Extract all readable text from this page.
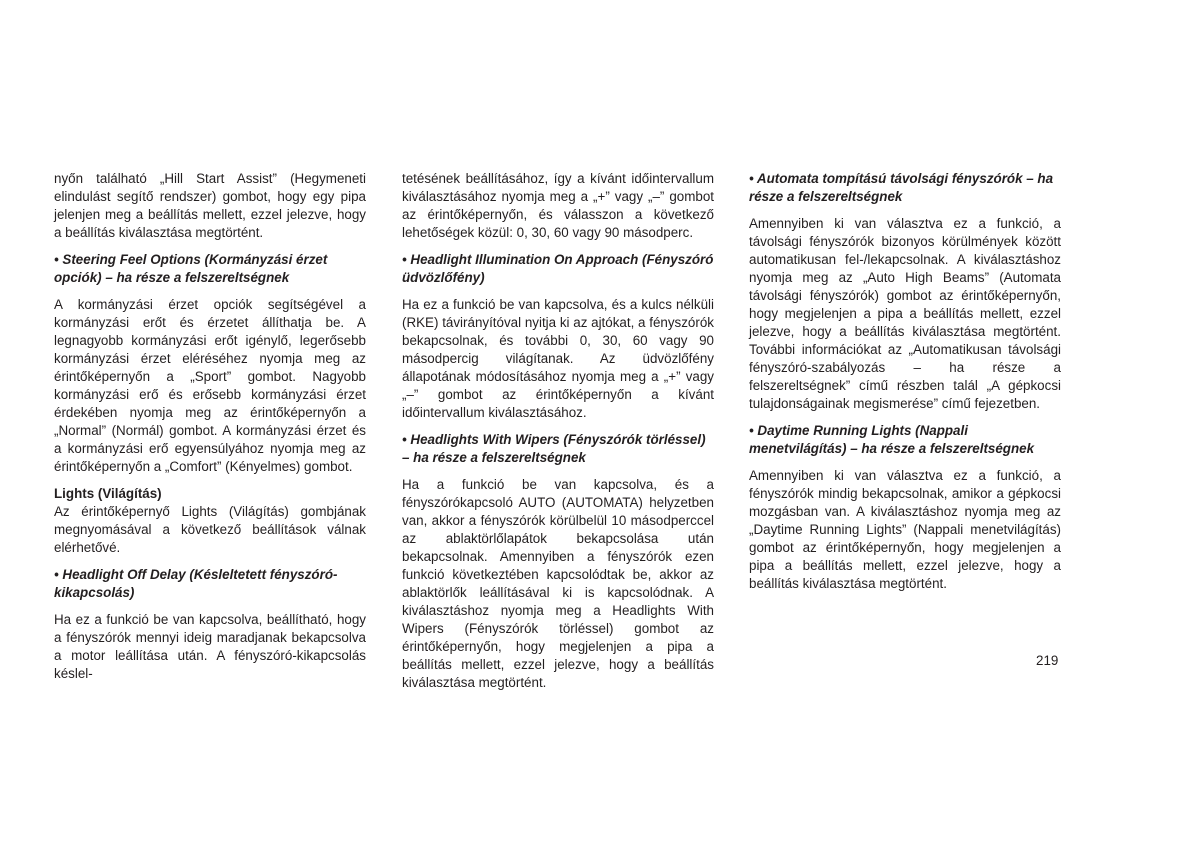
nyőn található „Hill Start Assist” (Hegymeneti elindulást segítő rendszer) gombot, hogy egy pipa jelenjen meg a beállítás mellett, ezzel jelezve, hogy a beállítás kiválasztása megtörtént.

• Steering Feel Options (Kormányzási érzet opciók) – ha része a felszereltségnek

A kormányzási érzet opciók segítségével a kormányzási erőt és érzetet állíthatja be. A legnagyobb kormányzási erőt igénylő, legerősebb kormányzási érzet eléréséhez nyomja meg az érintőképernyőn a „Sport” gombot. Nagyobb kormányzási erő és erősebb kormányzási érzet érdekében nyomja meg az érintőképernyőn a „Normal” (Normál) gombot. A kormányzási érzet és a kormányzási erő egyensúlyához nyomja meg az érintőképernyőn a „Comfort” (Kényelmes) gombot.

Lights (Világítás)

Az érintőképernyő Lights (Világítás) gombjának megnyomásával a következő beállítások válnak elérhetővé.

• Headlight Off Delay (Késleltetett fényszóró-kikapcsolás)

Ha ez a funkció be van kapcsolva, beállítható, hogy a fényszórók mennyi ideig maradjanak bekapcsolva a motor leállítása után. A fényszóró-kikapcsolás késlel-

tetésének beállításához, így a kívánt időintervallum kiválasztásához nyomja meg a „+” vagy „–” gombot az érintőképernyőn, és válasszon a következő lehetőségek közül: 0, 30, 60 vagy 90 másodperc.

• Headlight Illumination On Approach (Fényszóró üdvözlőfény)

Ha ez a funkció be van kapcsolva, és a kulcs nélküli (RKE) távirányítóval nyitja ki az ajtókat, a fényszórók bekapcsolnak, és további 0, 30, 60 vagy 90 másodpercig világítanak. Az üdvözlőfény állapotának módosításához nyomja meg a „+” vagy „–” gombot az érintőképernyőn a kívánt időintervallum kiválasztásához.

• Headlights With Wipers (Fényszórók törléssel) – ha része a felszereltségnek

Ha a funkció be van kapcsolva, és a fényszórókapcsoló AUTO (AUTOMATA) helyzetben van, akkor a fényszórók körülbelül 10 másodperccel az ablaktörlőlapátok bekapcsolása után bekapcsolnak. Amennyiben a fényszórók ezen funkció következtében kapcsolódtak be, akkor az ablaktörlők leállításával ki is kapcsolódnak. A kiválasztáshoz nyomja meg a Headlights With Wipers (Fényszórók törléssel) gombot az érintőképernyőn, hogy megjelenjen a pipa a beállítás mellett, ezzel jelezve, hogy a beállítás kiválasztása megtörtént.

• Automata tompítású távolsági fényszórók – ha része a felszereltségnek

Amennyiben ki van választva ez a funkció, a távolsági fényszórók bizonyos körülmények között automatikusan fel-/lekapcsolnak. A kiválasztáshoz nyomja meg az „Auto High Beams” (Automata távolsági fényszórók) gombot az érintőképernyőn, hogy megjelenjen a pipa a beállítás mellett, ezzel jelezve, hogy a beállítás kiválasztása megtörtént. További információkat az „Automatikusan távolsági fényszóró-szabályozás – ha része a felszereltségnek” című részben talál „A gépkocsi tulajdonságainak megismerése” című fejezetben.

• Daytime Running Lights (Nappali menetvilágítás) – ha része a felszereltségnek

Amennyiben ki van választva ez a funkció, a fényszórók mindig bekapcsolnak, amikor a gépkocsi mozgásban van. A kiválasztáshoz nyomja meg az „Daytime Running Lights” (Nappali menetvilágítás) gombot az érintőképernyőn, hogy megjelenjen a pipa a beállítás mellett, ezzel jelezve, hogy a beállítás kiválasztása megtörtént.

219
